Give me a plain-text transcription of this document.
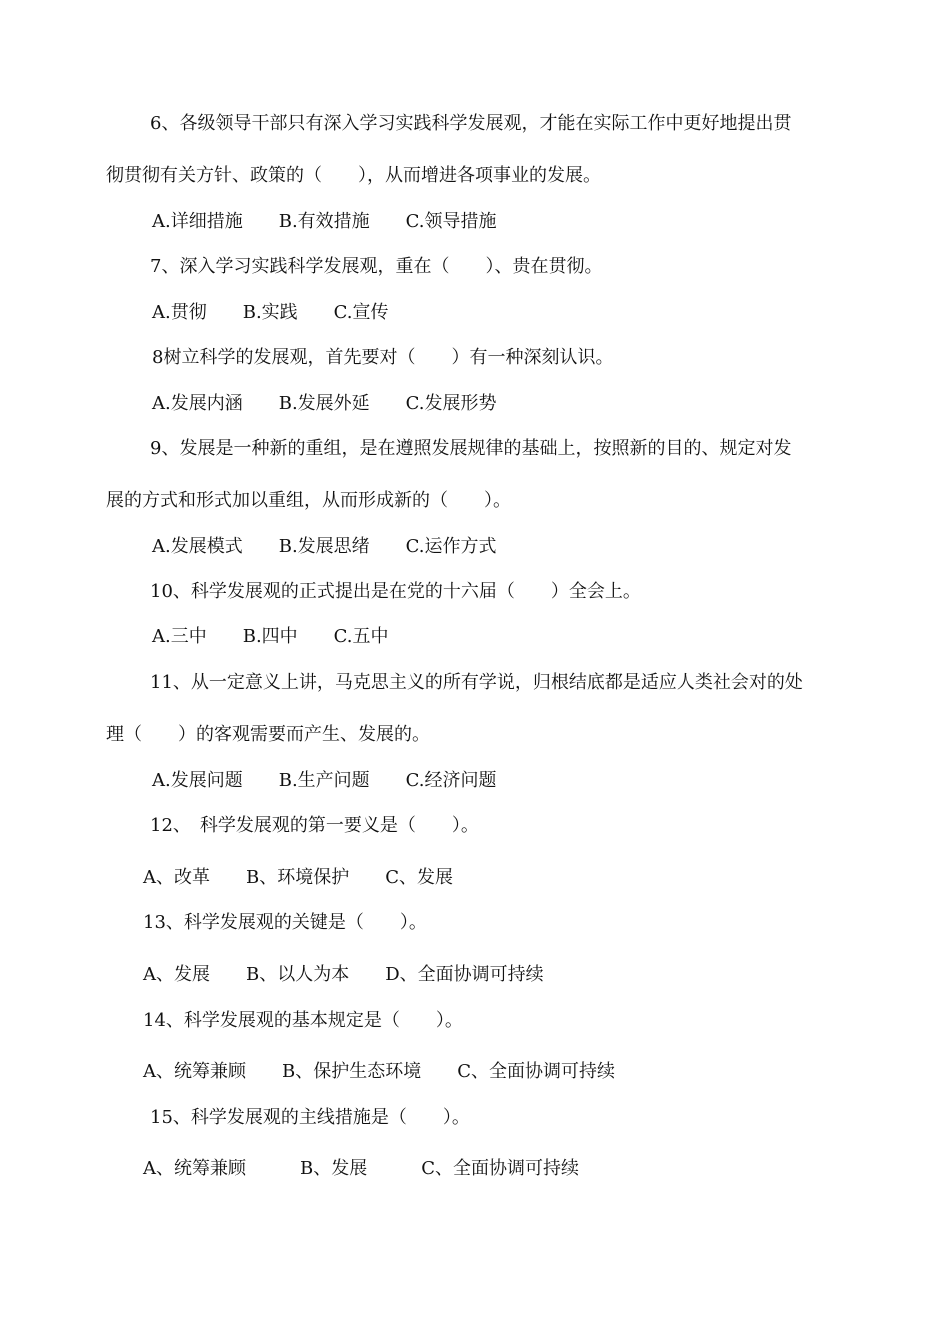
6、各级领导干部只有深入学习实践科学发展观，才能在实际工作中更好地提出贯
彻贯彻有关方针、政策的（　　），从而增进各项事业的发展。
A.详细措施　　B.有效措施　　C.领导措施
7、深入学习实践科学发展观，重在（　　）、贵在贯彻。
A.贯彻　　B.实践　　C.宣传
8树立科学的发展观，首先要对（　　）有一种深刻认识。
A.发展内涵　　B.发展外延　　C.发展形势
9、发展是一种新的重组，是在遵照发展规律的基础上，按照新的目的、规定对发
展的方式和形式加以重组，从而形成新的（　　）。
A.发展模式　　B.发展思绪　　C.运作方式
10、科学发展观的正式提出是在党的十六届（　　）全会上。
A.三中　　B.四中　　C.五中
11、从一定意义上讲，马克思主义的所有学说，归根结底都是适应人类社会对的处
理（　　）的客观需要而产生、发展的。
A.发展问题　　B.生产问题　　C.经济问题
12、　科学发展观的第一要义是（　　）。
A、改革　　B、环境保护　　C、发展
13、科学发展观的关键是（　　）。
A、发展　　B、以人为本　　D、全面协调可持续
14、科学发展观的基本规定是（　　）。
A、统筹兼顾　　B、保护生态环境　　C、全面协调可持续
15、科学发展观的主线措施是（　　）。
A、统筹兼顾　　　B、发展　　　C、全面协调可持续
